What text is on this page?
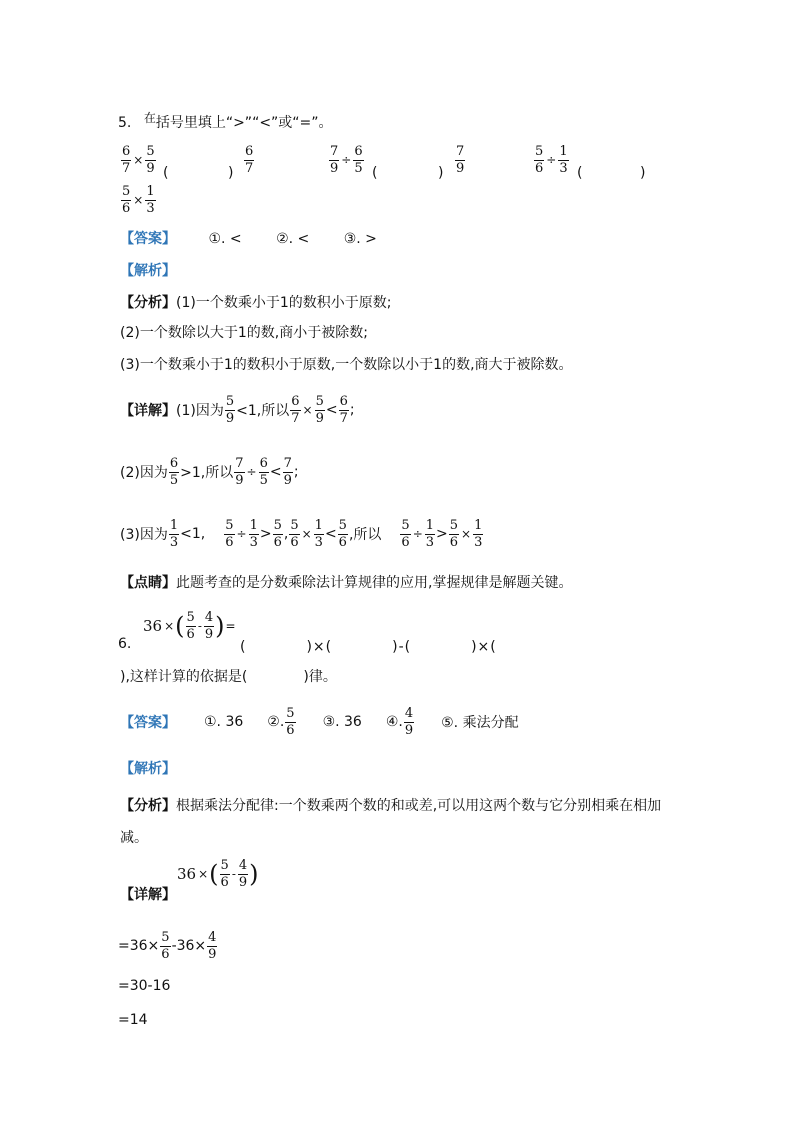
5. 在括号里填上“>”“<”或“=”。
$\frac{6}{7} \times \frac{5}{9}$ (	) $\frac{6}{7}$	$\frac{7}{9} \div \frac{6}{5}$ (	) $\frac{7}{9}$	$\frac{5}{6} \div \frac{1}{3}$ (	)
$\frac{5}{6} \times \frac{1}{3}$
【答案】 ①. < ②. < ③. >
【解析】
【分析】(1)一个数乘小于1的数积小于原数;
(2)一个数除以大于1的数,商小于被除数;
(3)一个数乘小于1的数积小于原数,一个数除以小于1的数,商大于被除数。
【详解】 (1)因为 $\frac{5}{9} <1$,所以 $\frac{6}{7} \times \frac{5}{9} < \frac{6}{7}$ ;
(2)因为 $\frac{6}{5} >1$,所以 $\frac{7}{9} \div \frac{6}{5} < \frac{7}{9}$ ;
(3)因为 $\frac{1}{3} <1$, $\frac{5}{6} \div \frac{1}{3} > \frac{5}{6}$ , $\frac{5}{6} \times \frac{1}{3} < \frac{5}{6}$ ,所以 $\frac{5}{6} \div \frac{1}{3} > \frac{5}{6} \times \frac{1}{3}$
【点睛】此题考查的是分数乘除法计算规律的应用,掌握规律是解题关键。
36 × ( $\frac{5}{6} - \frac{4}{9}$ ) =
6.	(　　　　)×(　　　　)-(　　　　)×(
),这样计算的依据是(　　　　)律。
【答案】 ①. 36 ②. $\frac{5}{6}$ ③. 36 ④. $\frac{4}{9}$ ⑤. 乘法分配
【解析】
【分析】根据乘法分配律:一个数乘两个数的和或差,可以用这两个数与它分别相乘在相加减。
36 × ( $\frac{5}{6} - \frac{4}{9}$ )
【详解】
$=36\times \frac{5}{6} -36\times \frac{4}{9}$
=30-16
=14
